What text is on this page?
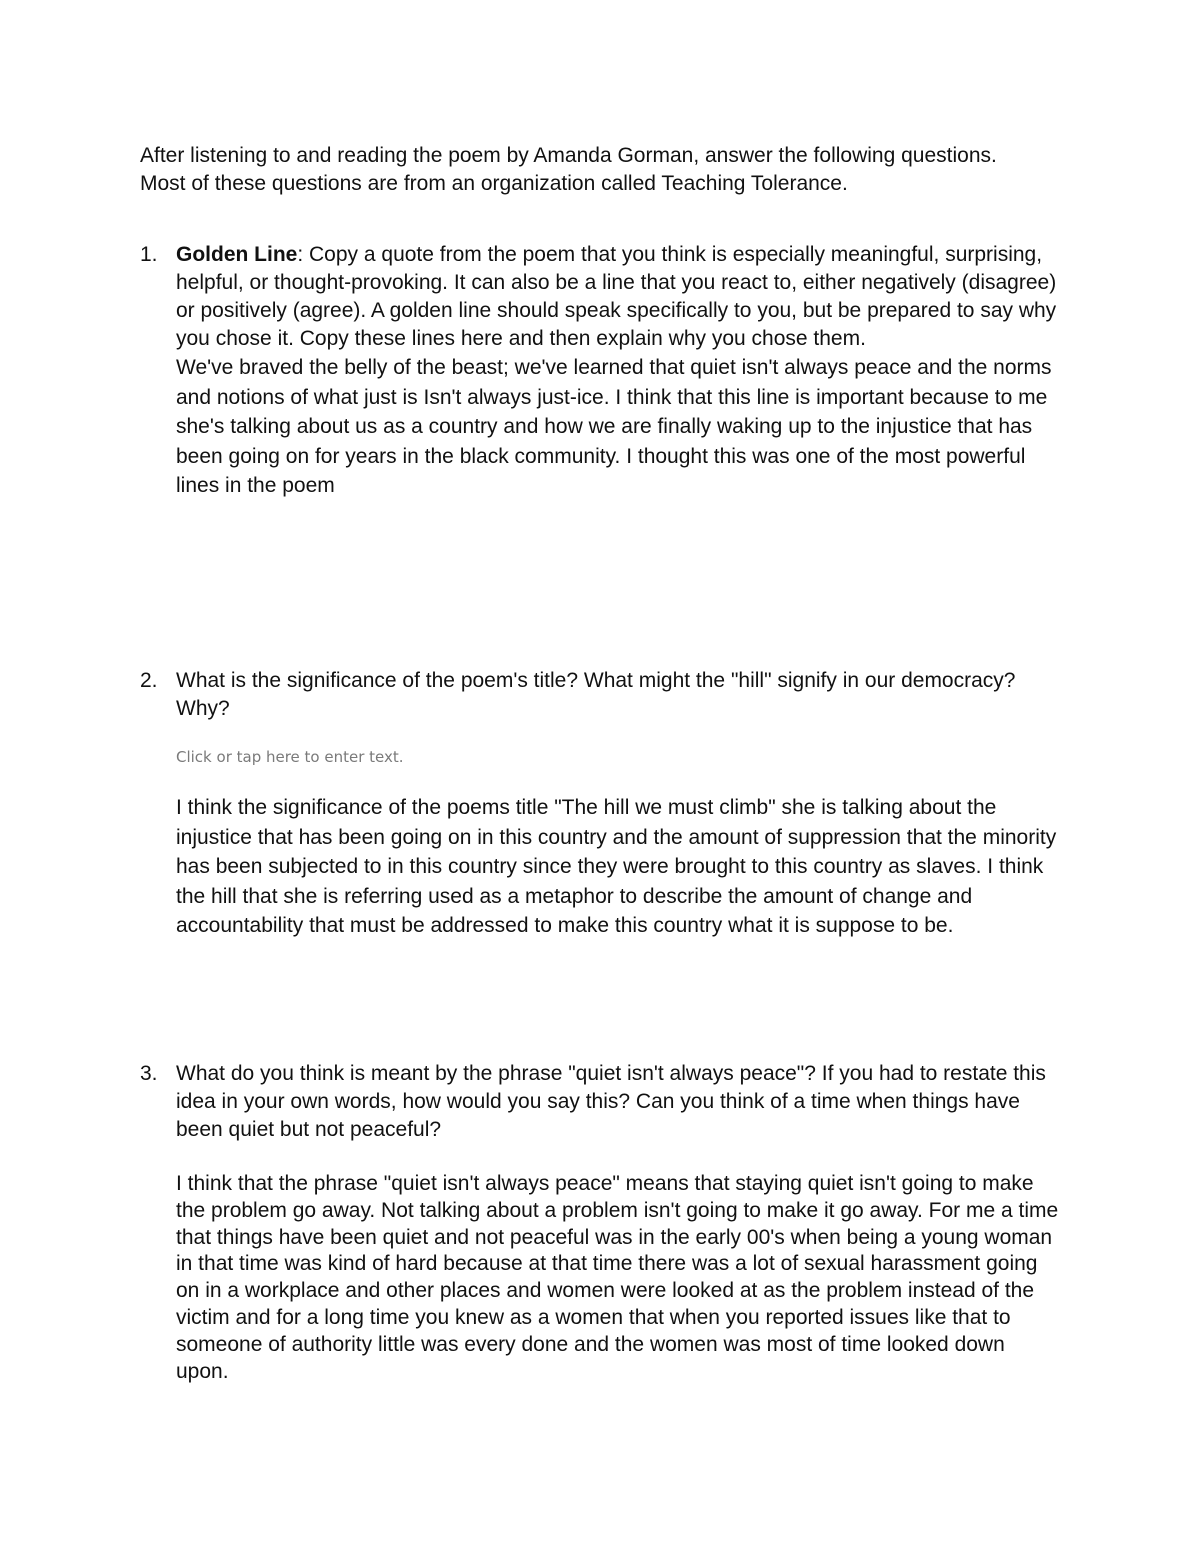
After listening to and reading the poem by Amanda Gorman, answer the following questions. Most of these questions are from an organization called Teaching Tolerance.

1. Golden Line: Copy a quote from the poem that you think is especially meaningful, surprising, helpful, or thought-provoking. It can also be a line that you react to, either negatively (disagree) or positively (agree). A golden line should speak specifically to you, but be prepared to say why you chose it. Copy these lines here and then explain why you chose them.

We've braved the belly of the beast; we've learned that quiet isn't always peace and the norms and notions of what just is Isn't always just-ice. I think that this line is important because to me she's talking about us as a country and how we are finally waking up to the injustice that has been going on for years in the black community. I thought this was one of the most powerful lines in the poem

2. What is the significance of the poem's title? What might the "hill" signify in our democracy? Why?

Click or tap here to enter text.

I think the significance of the poems title "The hill we must climb" she is talking about the injustice that has been going on in this country and the amount of suppression that the minority has been subjected to in this country since they were brought to this country as slaves. I think the hill that she is referring used as a metaphor to describe the amount of change and accountability that must be addressed to make this country what it is suppose to be.

3. What do you think is meant by the phrase "quiet isn't always peace"? If you had to restate this idea in your own words, how would you say this? Can you think of a time when things have been quiet but not peaceful?

I think that the phrase "quiet isn't always peace" means that staying quiet isn't going to make the problem go away. Not talking about a problem isn't going to make it go away. For me a time that things have been quiet and not peaceful was in the early 00's when being a young woman in that time was kind of hard because at that time there was a lot of sexual harassment going on in a workplace and other places and women were looked at as the problem instead of the victim and for a long time you knew as a women that when you reported issues like that to someone of authority little was every done and the women was most of time looked down upon.
